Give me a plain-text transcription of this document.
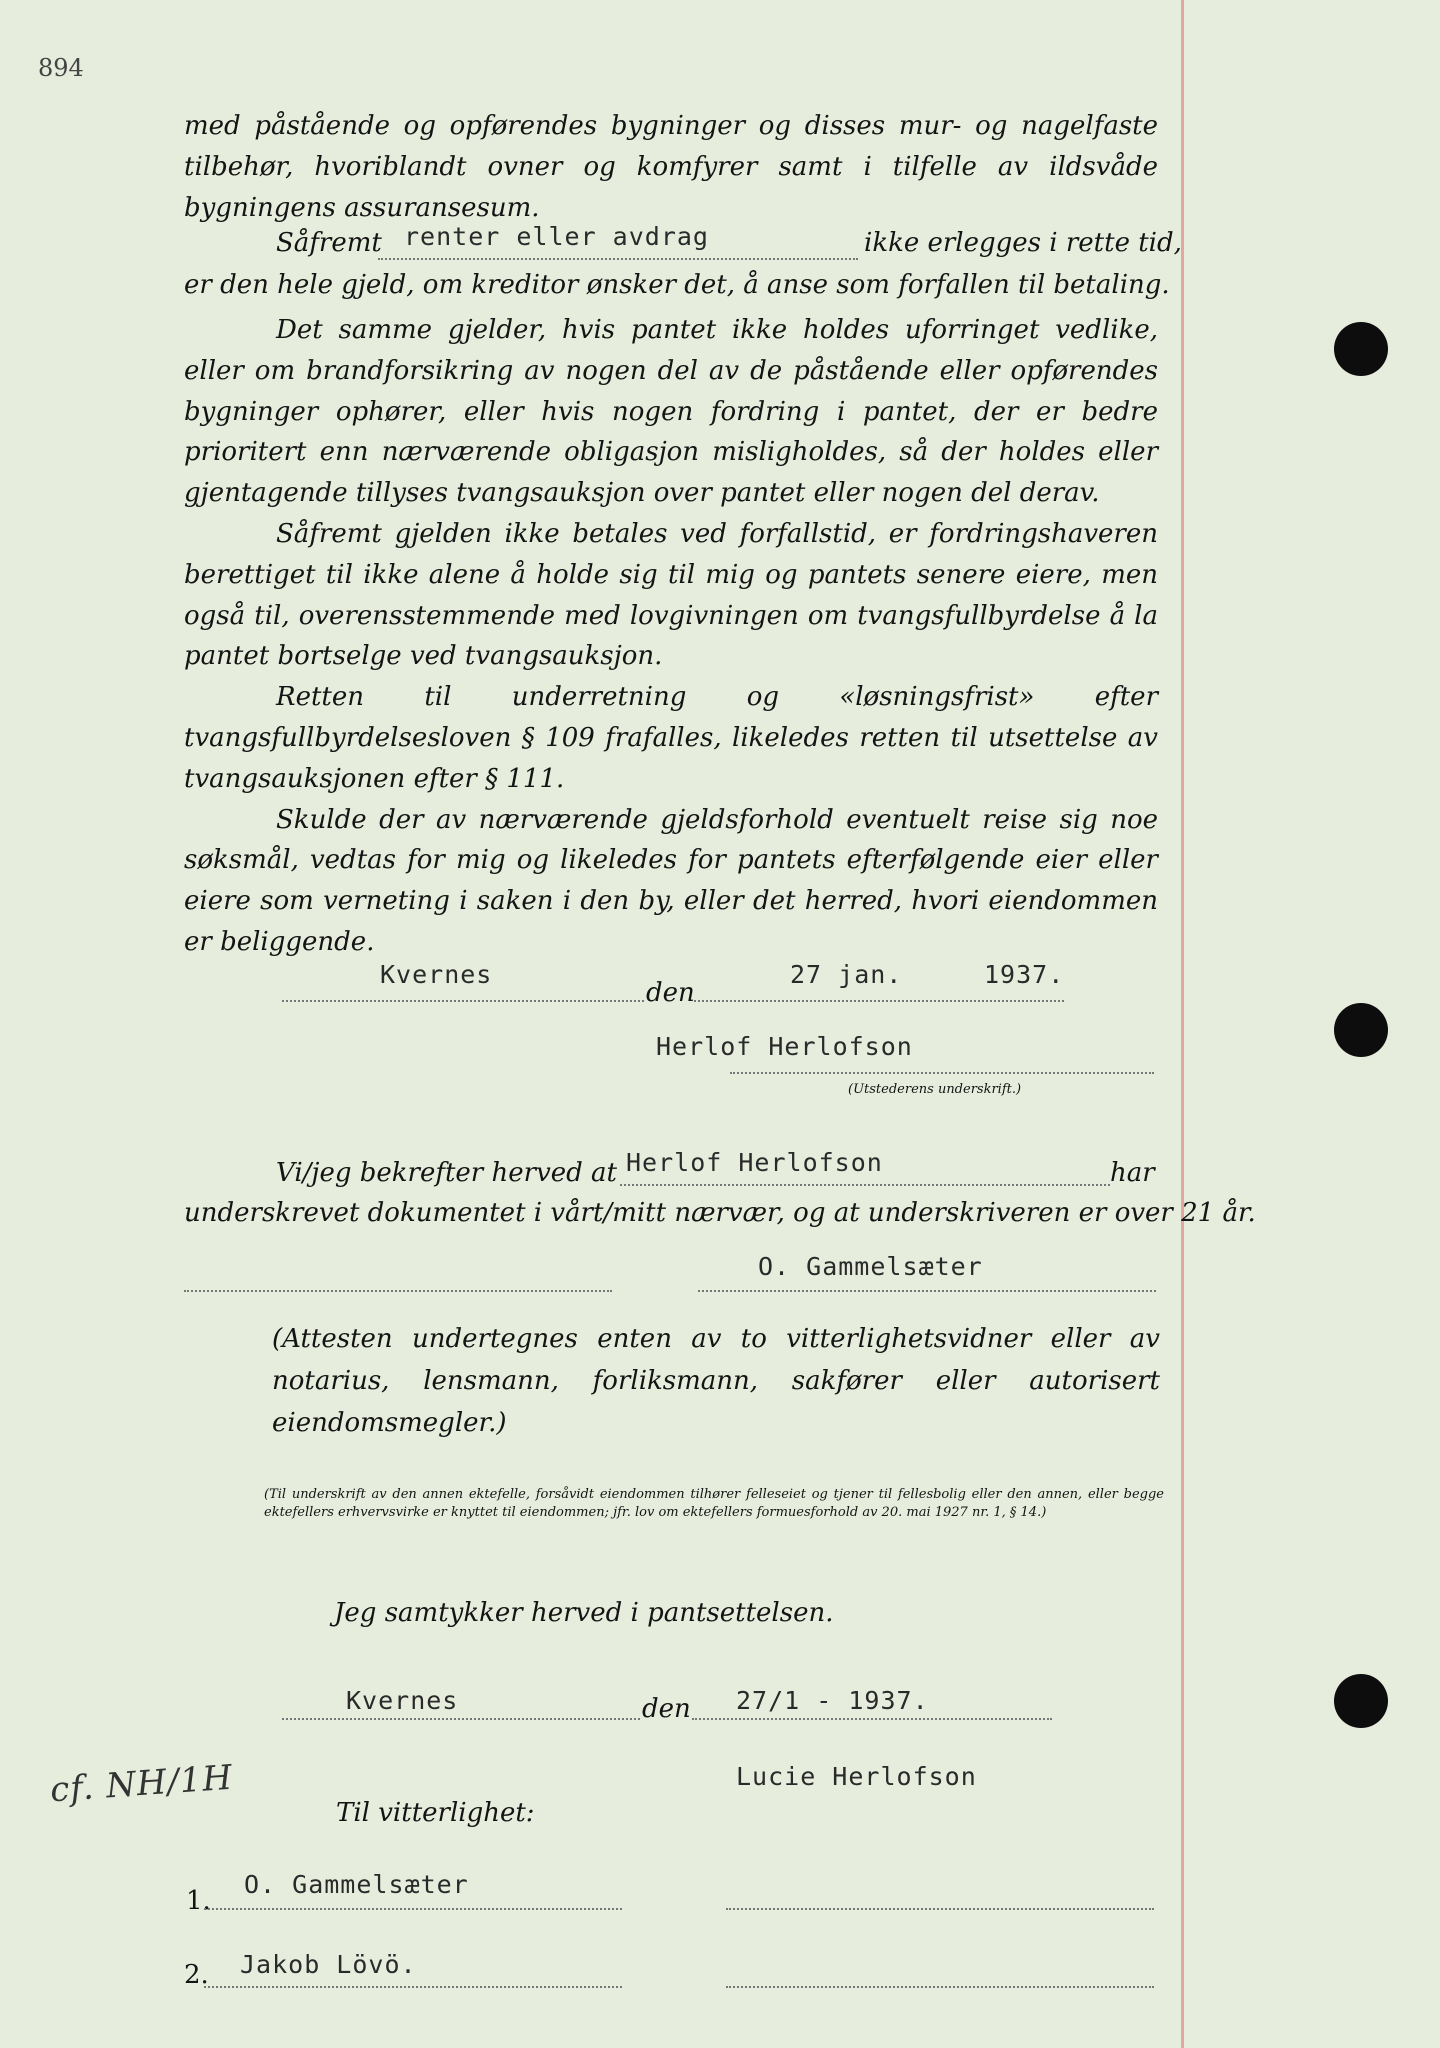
894

med påstående og opførendes bygninger og disses mur- og nagelfaste tilbehør, hvoriblandt ovner og komfyrer samt i tilfelle av ildsvåde bygningens assuransesum.

Såfremt renter eller avdrag	ikke erlegges i rette tid,
er den hele gjeld, om kreditor ønsker det, å anse som forfallen til betaling.

Det samme gjelder, hvis pantet ikke holdes uforringet vedlike, eller om brandforsikring av nogen del av de påstående eller opførendes bygninger ophører, eller hvis nogen fordring i pantet, der er bedre prioritert enn nærværende obligasjon misligholdes, så der holdes eller gjentagende tillyses tvangsauksjon over pantet eller nogen del derav.

Såfremt gjelden ikke betales ved forfallstid, er fordringshaveren berettiget til ikke alene å holde sig til mig og pantets senere eiere, men også til, overensstemmende med lovgivningen om tvangsfullbyrdelse å la pantet bortselge ved tvangsauksjon.

Retten til underretning og «løsningsfrist» efter tvangsfullbyrdelsesloven § 109 frafalles, likeledes retten til utsettelse av tvangsauksjonen efter § 111.

Skulde der av nærværende gjeldsforhold eventuelt reise sig noe søksmål, vedtas for mig og likeledes for pantets efterfølgende eier eller eiere som verneting i saken i den by, eller det herred, hvori eiendommen er beliggende.

Kvernes
den
27 jan.	1937.
Herlof Herlofson
(Utstederens underskrift.)
Vi/jeg bekrefter herved at Herlof Herlofson	har
underskrevet dokumentet i vårt/mitt nærvær, og at underskriveren er over 21 år.
O. Gammelsæter
(Attesten undertegnes enten av to vitterlighetsvidner eller av notarius, lensmann, forliksmann, sakfører eller autorisert eiendomsmegler.)
(Til underskrift av den annen ektefelle, forsåvidt eiendommen tilhører felleseiet og tjener til fellesbolig eller den annen, eller begge ektefellers erhvervsvirke er knyttet til eiendommen; jfr. lov om ektefellers formuesforhold av 20. mai 1927 nr. 1, § 14.)
Jeg samtykker herved i pantsettelsen.
Kvernes	den 27/1 - 1937.
Lucie Herlofson
Til vitterlighet:
1.
O. Gammelsæter
2. Jakob Lövö.
cf. NH/1H
